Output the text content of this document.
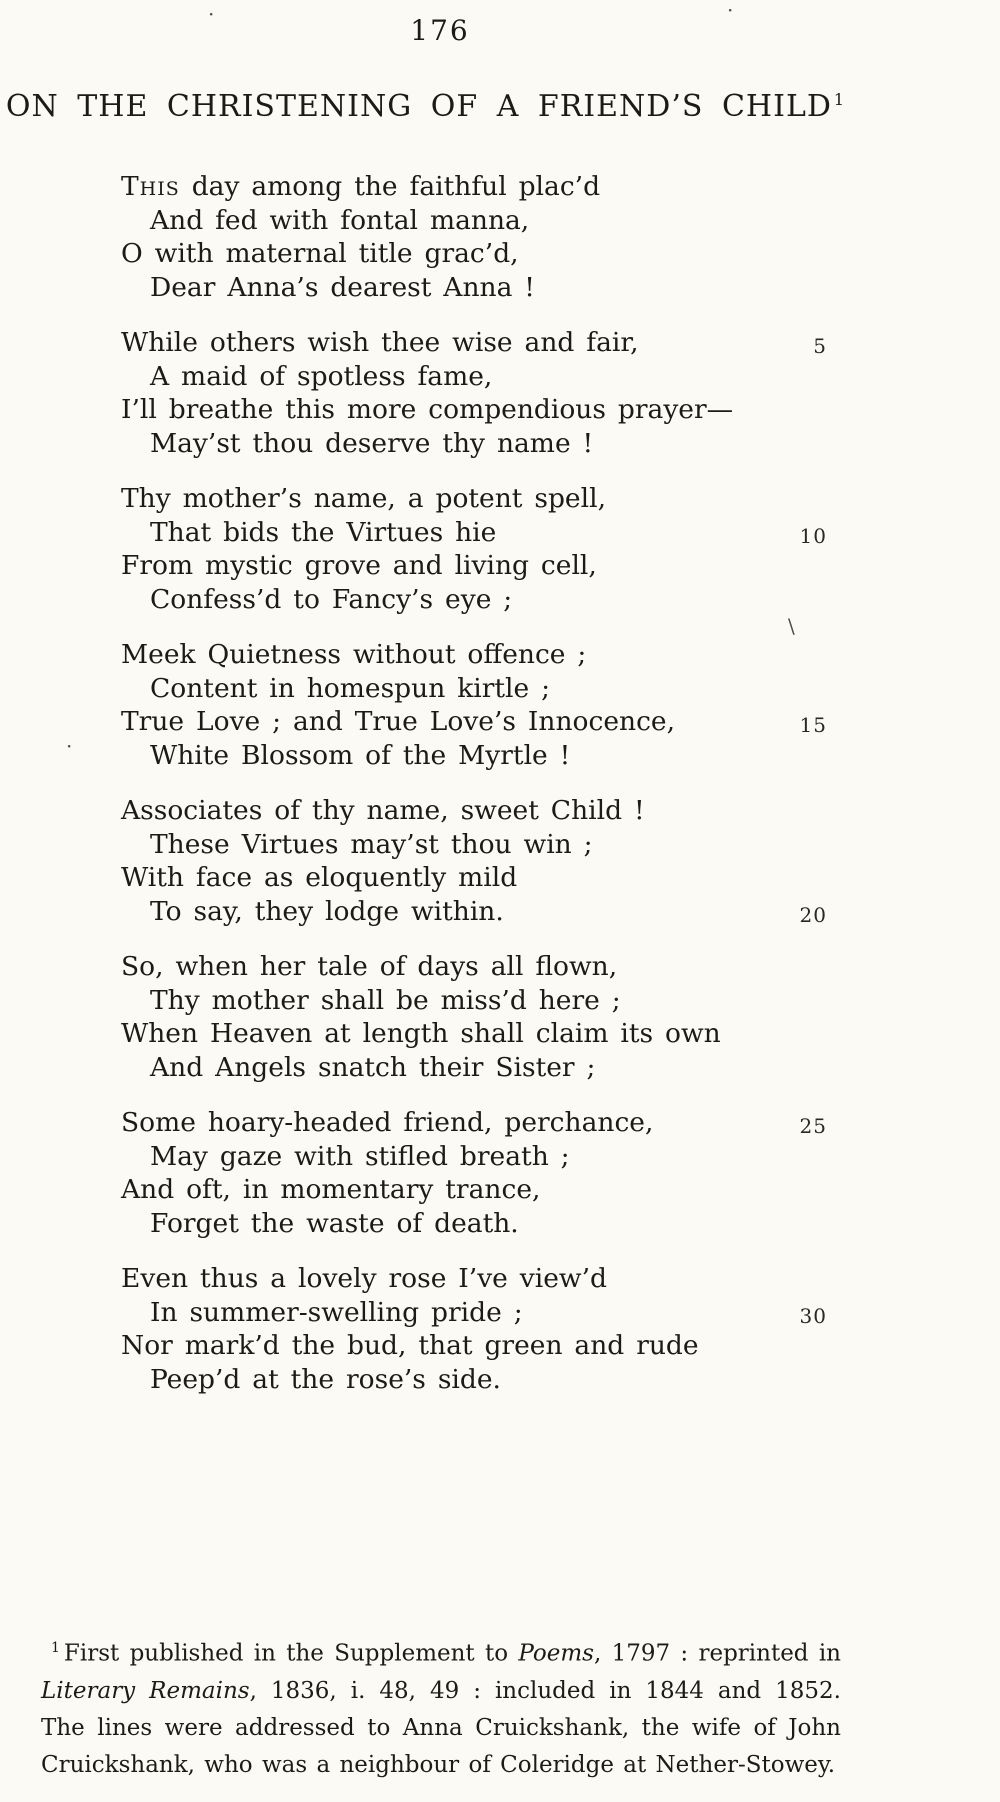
176
ON THE CHRISTENING OF A FRIEND’S CHILD $^1$
This day among the faithful plac’d
And fed with fontal manna,
O with maternal title grac’d,
Dear Anna’s dearest Anna !
While others wish thee wise and fair,	5
A maid of spotless fame,
I’ll breathe this more compendious prayer—
May’st thou deserve thy name !
Thy mother’s name, a potent spell,
That bids the Virtues hie	10
From mystic grove and living cell,
Confess’d to Fancy’s eye ;
Meek Quietness without offence ;
Content in homespun kirtle ;
True Love ; and True Love’s Innocence,	15
White Blossom of the Myrtle !
Associates of thy name, sweet Child !
These Virtues may’st thou win ;
With face as eloquently mild
To say, they lodge within.	20
So, when her tale of days all flown,
Thy mother shall be miss’d here ;
When Heaven at length shall claim its own
And Angels snatch their Sister ;
Some hoary-headed friend, perchance,	25
May gaze with stifled breath ;
And oft, in momentary trance,
Forget the waste of death.
Even thus a lovely rose I’ve view’d
In summer-swelling pride ;	30
Nor mark’d the bud, that green and rude
Peep’d at the rose’s side.

$^1$ First published in the Supplement to Poems, 1797 : reprinted in Literary Remains, 1836, i. 48, 49 : included in 1844 and 1852. The lines were addressed to Anna Cruickshank, the wife of John Cruickshank, who was a neighbour of Coleridge at Nether-Stowey.

·	·
\
·
